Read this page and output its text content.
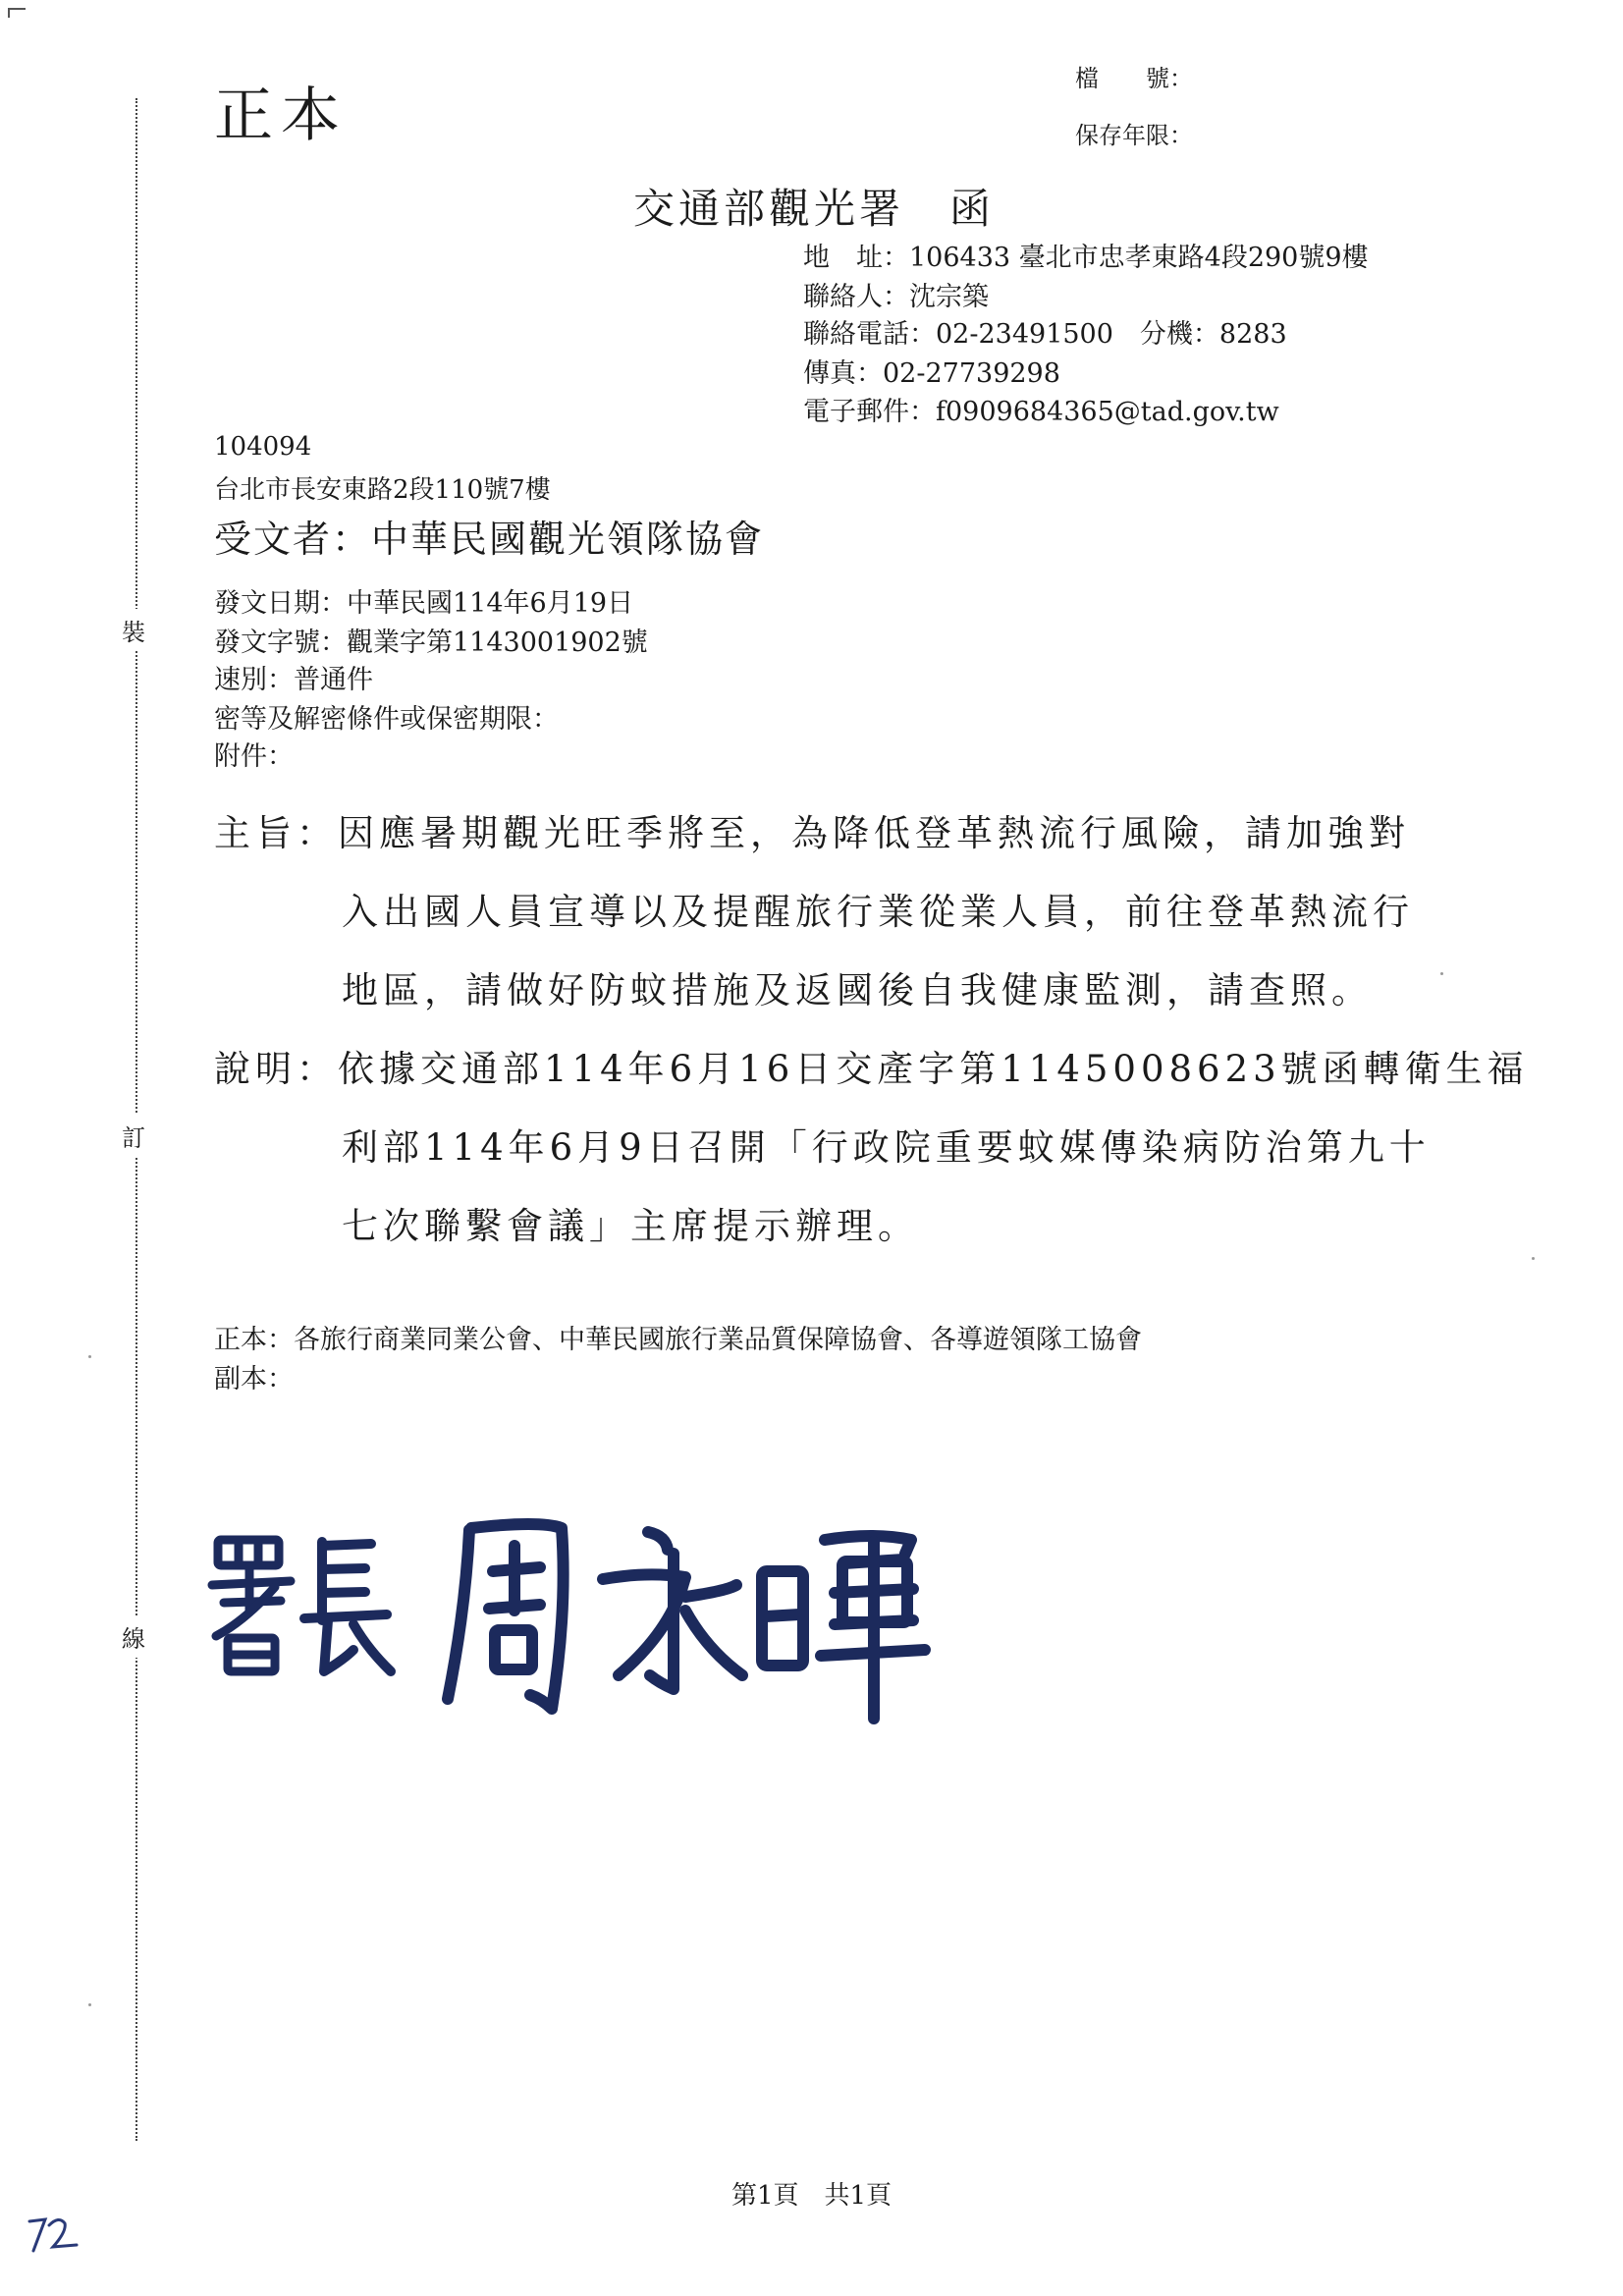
裝
訂
線
正本
檔　　號：
保存年限：
交通部觀光署　函
地　址：106433 臺北市忠孝東路4段290號9樓
聯絡人：沈宗築
聯絡電話：02-23491500　分機：8283
傳真：02-27739298
電子郵件：f0909684365@tad.gov.tw
104094
台北市長安東路2段110號7樓
受文者：中華民國觀光領隊協會
發文日期：中華民國114年6月19日
發文字號：觀業字第1143001902號
速別：普通件
密等及解密條件或保密期限：
附件：
主旨：因應暑期觀光旺季將至，為降低登革熱流行風險，請加強對
入出國人員宣導以及提醒旅行業從業人員，前往登革熱流行
地區，請做好防蚊措施及返國後自我健康監測，請查照。
說明：依據交通部114年6月16日交產字第1145008623號函轉衛生福
利部114年6月9日召開「行政院重要蚊媒傳染病防治第九十
七次聯繫會議」主席提示辦理。
正本：各旅行商業同業公會、中華民國旅行業品質保障協會、各導遊領隊工協會
副本：
第1頁　共1頁
